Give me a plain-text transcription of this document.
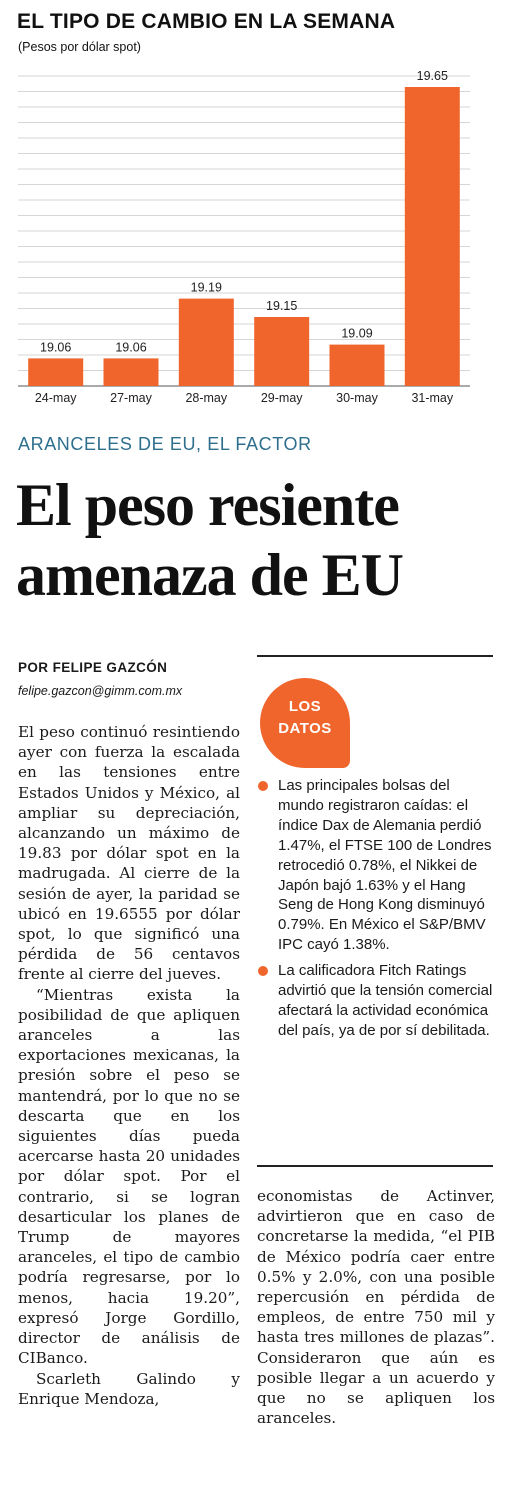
EL TIPO DE CAMBIO EN LA SEMANA
(Pesos por dólar spot)
19.06	19.06
19.19
19.15
19.09
19.65
24-may	27-may	28-may	29-may	30-may	31-may
ARANCELES DE EU, EL FACTOR
El peso resiente
amenaza de EU
POR FELIPE GAZCÓN
felipe.gazcon@gimm.com.mx

El peso continuó resintiendo ayer con fuerza la escalada en las tensiones entre Estados Unidos y México, al ampliar su depreciación, alcanzando un máximo de 19.83 por dólar spot en la madrugada. Al cierre de la sesión de ayer, la paridad se ubicó en 19.6555 por dólar spot, lo que significó una pérdida de 56 centavos frente al cierre del jueves.

“Mientras exista la posibilidad de que apliquen aranceles a las exportaciones mexicanas, la presión sobre el peso se mantendrá, por lo que no se descarta que en los siguientes días pueda acercarse hasta 20 unidades por dólar spot. Por el contrario, si se logran desarticular los planes de Trump de mayores aranceles, el tipo de cambio podría regresarse, por lo menos, hacia 19.20”, expresó Jorge Gordillo, director de análisis de CIBanco.

Scarleth Galindo y Enrique Mendoza,

LOS
DATOS
Las principales bolsas del mundo registraron caídas: el índice Dax de Alemania perdió 1.47%, el FTSE 100 de Londres retrocedió 0.78%, el Nikkei de Japón bajó 1.63% y el Hang Seng de Hong Kong disminuyó 0.79%. En México el S&P/BMV IPC cayó 1.38%.
La calificadora Fitch Ratings advirtió que la tensión comercial afectará la actividad económica del país, ya de por sí debilitada.

economistas de Actinver, advirtieron que en caso de concretarse la medida, “el PIB de México podría caer entre 0.5% y 2.0%, con una posible repercusión en pérdida de empleos, de entre 750 mil y hasta tres millones de plazas”. Consideraron que aún es posible llegar a un acuerdo y que no se apliquen los aranceles.
